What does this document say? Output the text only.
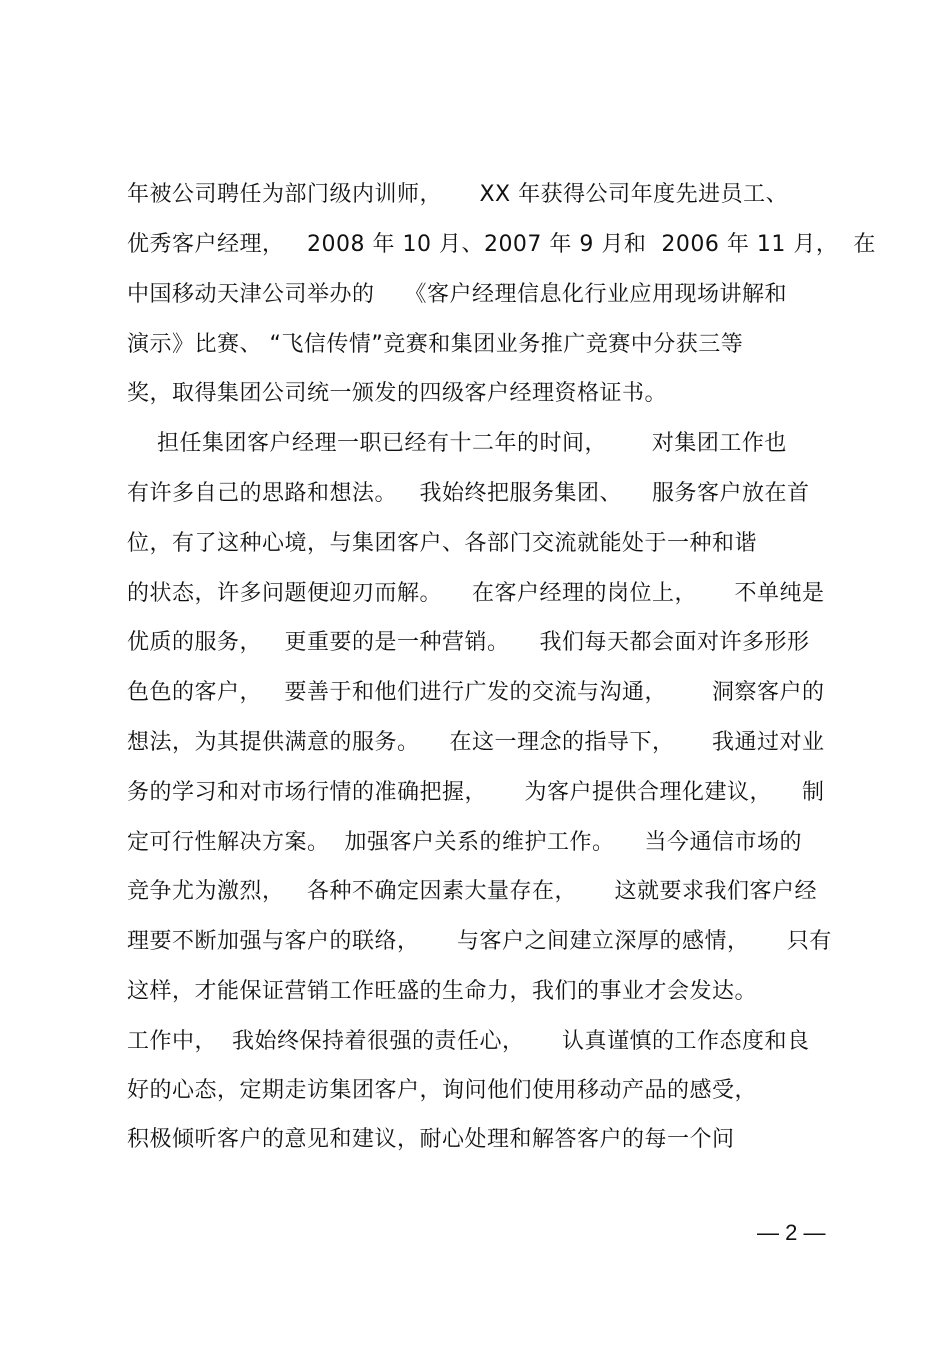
年被公司聘任为部门级内训师，     XX 年获得公司年度先进员工、
优秀客户经理，   2008 年 10 月、2007 年 9 月和  2006 年 11 月，  在
中国移动天津公司举办的    《客户经理信息化行业应用现场讲解和
演示》比赛、 “飞信传情”竞赛和集团业务推广竞赛中分获三等
奖，取得集团公司统一颁发的四级客户经理资格证书。
担任集团客户经理一职已经有十二年的时间，      对集团工作也
有许多自己的思路和想法。   我始终把服务集团、    服务客户放在首
位，有了这种心境，与集团客户、各部门交流就能处于一种和谐
的状态，许多问题便迎刃而解。    在客户经理的岗位上，     不单纯是
优质的服务，   更重要的是一种营销。    我们每天都会面对许多形形
色色的客户，   要善于和他们进行广发的交流与沟通，      洞察客户的
想法，为其提供满意的服务。    在这一理念的指导下，     我通过对业
务的学习和对市场行情的准确把握，     为客户提供合理化建议，    制
定可行性解决方案。  加强客户关系的维护工作。    当今通信市场的
竞争尤为激烈，   各种不确定因素大量存在，     这就要求我们客户经
理要不断加强与客户的联络，     与客户之间建立深厚的感情，     只有
这样，才能保证营销工作旺盛的生命力，我们的事业才会发达。
工作中，  我始终保持着很强的责任心，     认真谨慎的工作态度和良
好的心态，定期走访集团客户，询问他们使用移动产品的感受，
积极倾听客户的意见和建议，耐心处理和解答客户的每一个问
— 2 —
